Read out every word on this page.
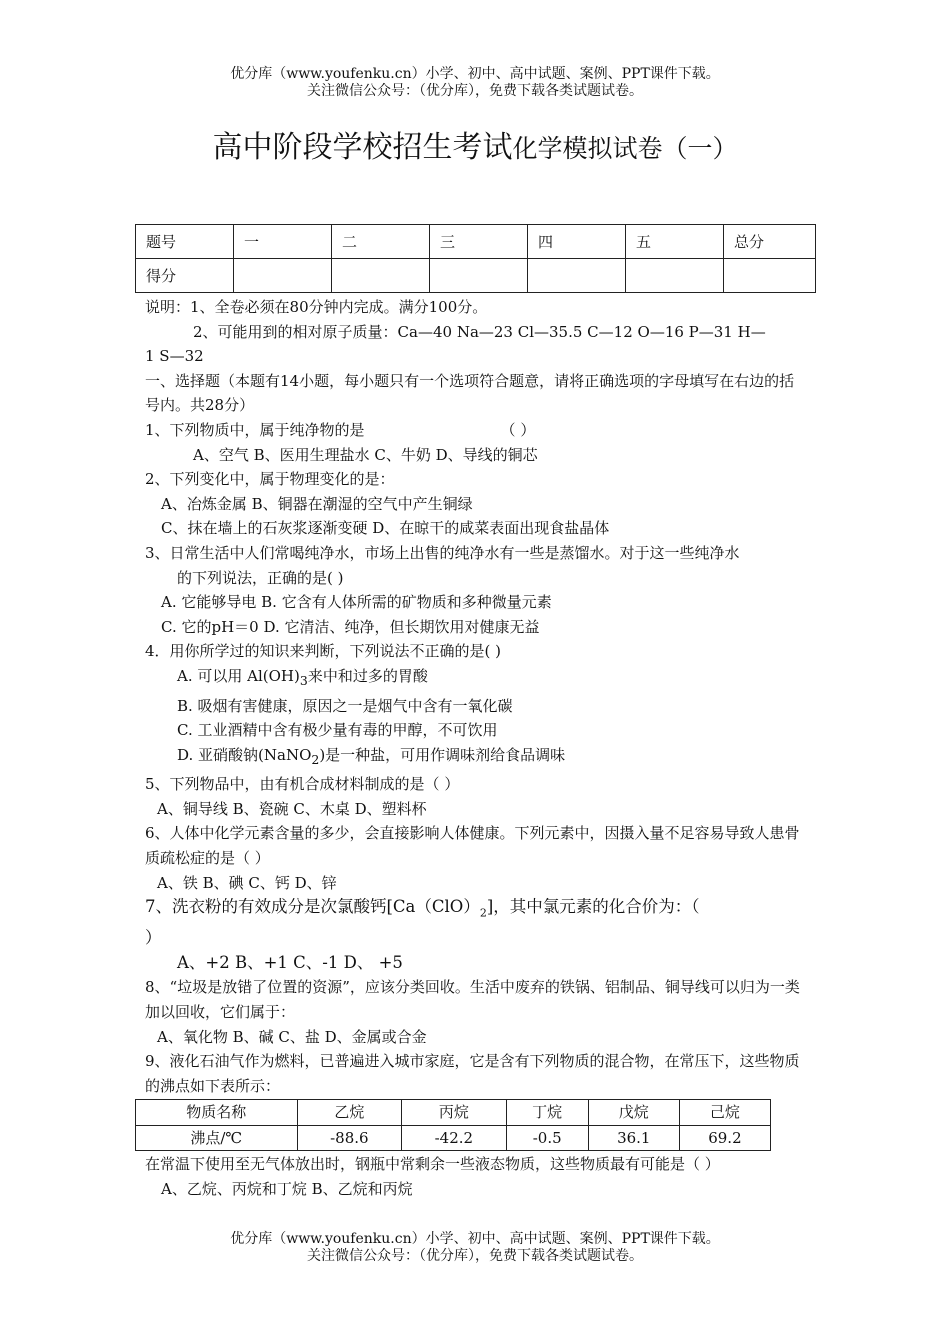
优分库（www.youfenku.cn）小学、初中、高中试题、案例、PPT课件下载。
关注微信公众号：（优分库），免费下载各类试题试卷。
高中阶段学校招生考试化学模拟试卷（一）
题号	一	二	三	四	五	总分
得分						
说明：1、全卷必须在80分钟内完成。满分100分。
2、可能用到的相对原子质量：Ca—40 Na—23 Cl—35.5 C—12 O—16 P—31 H—
1 S—32
一、选择题（本题有14小题，每小题只有一个选项符合题意，请将正确选项的字母填写在右边的括号内。共28分）
1、下列物质中，属于纯净物的是	（ ）
A、空气 B、医用生理盐水 C、牛奶 D、导线的铜芯
2、下列变化中，属于物理变化的是：
A、冶炼金属 B、铜器在潮湿的空气中产生铜绿
C、抹在墙上的石灰浆逐渐变硬 D、在晾干的咸菜表面出现食盐晶体
3、日常生活中人们常喝纯净水，市场上出售的纯净水有一些是蒸馏水。对于这一些纯净水
的下列说法，正确的是( )
A. 它能够导电 B. 它含有人体所需的矿物质和多种微量元素
C. 它的pH＝0 D. 它清洁、纯净，但长期饮用对健康无益
4．用你所学过的知识来判断，下列说法不正确的是( )
A. 可以用 $Al(OH)_3$来中和过多的胃酸
B. 吸烟有害健康，原因之一是烟气中含有一氧化碳
C. 工业酒精中含有极少量有毒的甲醇，不可饮用
D. 亚硝酸钠(NaNO$_2$)是一种盐，可用作调味剂给食品调味
5、下列物品中，由有机合成材料制成的是（ ）
A、铜导线 B、瓷碗 C、木桌 D、塑料杯
6、人体中化学元素含量的多少，会直接影响人体健康。下列元素中，因摄入量不足容易导致人患骨质疏松症的是（ ）
A、铁 B、碘 C、钙 D、锌
7、洗衣粉的有效成分是次氯酸钙$[Ca(ClO)_2]$，其中氯元素的化合价为：（
）
A、+2 B、+1 C、-1 D、 +5
8、“垃圾是放错了位置的资源”，应该分类回收。生活中废弃的铁锅、铝制品、铜导线可以归为一类加以回收，它们属于：
A、氧化物 B、碱 C、盐 D、金属或合金
9、液化石油气作为燃料，已普遍进入城市家庭，它是含有下列物质的混合物，在常压下，这些物质的沸点如下表所示：
物质名称	乙烷	丙烷	丁烷	戊烷	己烷
沸点/℃	-88.6	-42.2	-0.5	36.1	69.2
在常温下使用至无气体放出时，钢瓶中常剩余一些液态物质，这些物质最有可能是（ ）
A、乙烷、丙烷和丁烷 B、乙烷和丙烷
优分库（www.youfenku.cn）小学、初中、高中试题、案例、PPT课件下载。
关注微信公众号：（优分库），免费下载各类试题试卷。
